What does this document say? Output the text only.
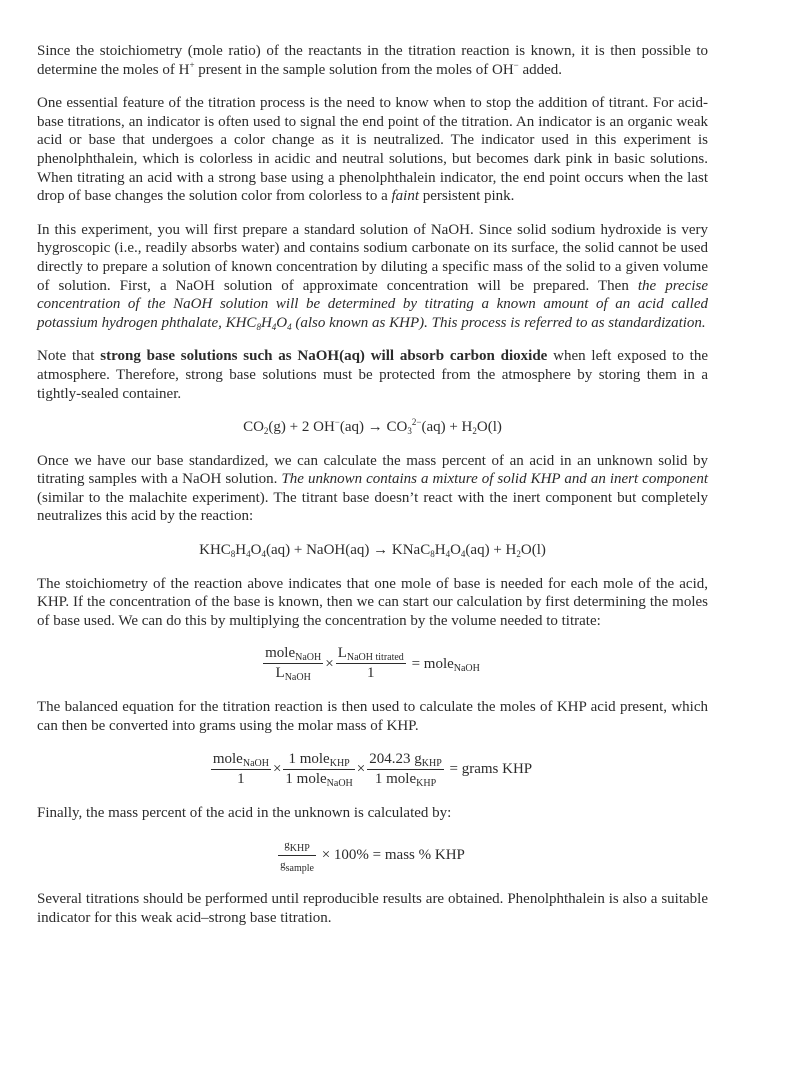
Since the stoichiometry (mole ratio) of the reactants in the titration reaction is known, it is then possible to determine the moles of H+ present in the sample solution from the moles of OH− added.

One essential feature of the titration process is the need to know when to stop the addition of titrant. For acid-base titrations, an indicator is often used to signal the end point of the titration. An indicator is an organic weak acid or base that undergoes a color change as it is neutralized. The indicator used in this experiment is phenolphthalein, which is colorless in acidic and neutral solutions, but becomes dark pink in basic solutions. When titrating an acid with a strong base using a phenolphthalein indicator, the end point occurs when the last drop of base changes the solution color from colorless to a faint persistent pink.

In this experiment, you will first prepare a standard solution of NaOH. Since solid sodium hydroxide is very hygroscopic (i.e., readily absorbs water) and contains sodium carbonate on its surface, the solid cannot be used directly to prepare a solution of known concentration by diluting a specific mass of the solid to a given volume of solution. First, a NaOH solution of approximate concentration will be prepared. Then the precise concentration of the NaOH solution will be determined by titrating a known amount of an acid called potassium hydrogen phthalate, $KHC_8H_4O_4$ (also known as KHP). This process is referred to as standardization.

Note that strong base solutions such as NaOH(aq) will absorb carbon dioxide when left exposed to the atmosphere. Therefore, strong base solutions must be protected from the atmosphere by storing them in a tightly-sealed container.

$CO_2(g) + 2$ $OH^-(aq) \to CO_3^{2-}(aq) + H_2O(l)$

Once we have our base standardized, we can calculate the mass percent of an acid in an unknown solid by titrating samples with a NaOH solution. The unknown contains a mixture of solid KHP and an inert component (similar to the malachite experiment). The titrant base doesn’t react with the inert component but completely neutralizes this acid by the reaction:

$KHC_8H_4O_4(aq)$ + NaOH(aq) → $KNaC_8H_4O_4(aq) + H_2O(l)$

The stoichiometry of the reaction above indicates that one mole of base is needed for each mole of the acid, KHP. If the concentration of the base is known, then we can start our calculation by first determining the moles of base used. We can do this by multiplying the concentration by the volume needed to titrate:

$\frac{mole_{NaOH}}{L_{NaOH}} \times \frac{L_{NaOH titrated}}{1}$ = mole$_{NaOH}$

The balanced equation for the titration reaction is then used to calculate the moles of KHP acid present, which can then be converted into grams using the molar mass of KHP.

$\frac{mole_{NaOH}}{1} \times \frac{1 mole_{KHP}}{1 mole_{NaOH}} \times \frac{204.23 g_{KHP}}{1 mole_{KHP}}$ = grams KHP

Finally, the mass percent of the acid in the unknown is calculated by:

$\frac{g_{KHP}}{g_{sample}} \times 100\%$ = mass % KHP

Several titrations should be performed until reproducible results are obtained. Phenolphthalein is also a suitable indicator for this weak acid–strong base titration.
